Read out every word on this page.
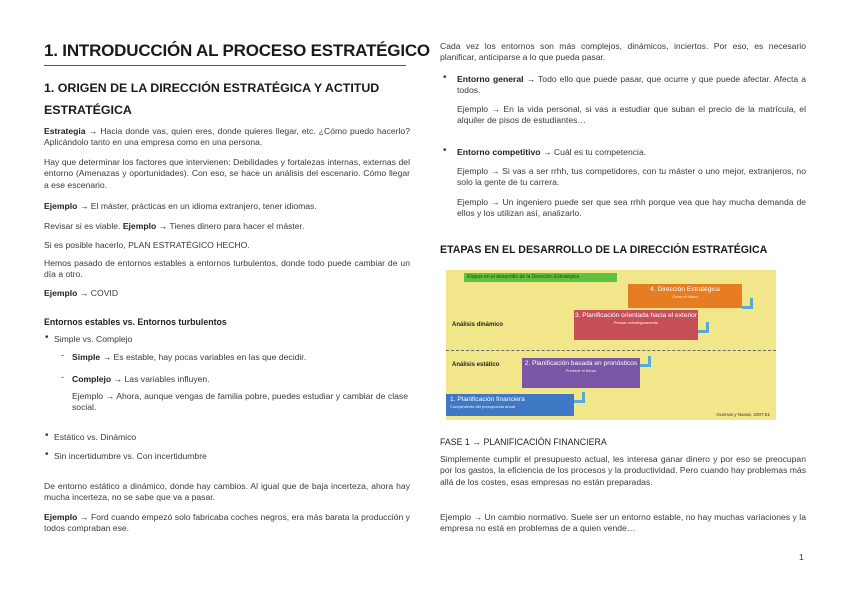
1. INTRODUCCIÓN AL PROCESO ESTRATÉGICO
1. ORIGEN DE LA DIRECCIÓN ESTRATÉGICA Y ACTITUD ESTRATÉGICA

Estrategia → Hacia donde vas, quien eres, donde quieres llegar, etc. ¿Cómo puedo hacerlo? Aplicándolo tanto en una empresa como en una persona.

Hay que determinar los factores que intervienen: Debilidades y fortalezas internas, externas del entorno (Amenazas y oportunidades). Con eso, se hace un análisis del escenario. Cómo llegar a ese escenario.

Ejemplo → El máster, prácticas en un idioma extranjero, tener idiomas.

Revisar si es viable. Ejemplo → Tienes dinero para hacer el máster.

Si es posible hacerlo, PLAN ESTRATÉGICO HECHO.

Hemos pasado de entornos estables a entornos turbulentos, donde todo puede cambiar de un día a otro.

Ejemplo → COVID

Entornos estables vs. Entornos turbulentos
• Simple vs. Complejo

- Simple → Es estable, hay pocas variables en las que decidir.

- Complejo → Las variables influyen.

Ejemplo → Ahora, aunque vengas de familia pobre, puedes estudiar y cambiar de clase social.

• Estático vs. Dinámico

• Sin incertidumbre vs. Con incertidumbre

De entorno estático a dinámico, donde hay cambios. Al igual que de baja incerteza, ahora hay mucha incerteza, no se sabe que va a pasar.

Ejemplo → Ford cuando empezó solo fabricaba coches negros, era más barata la producción y todos compraban ese.

Cada vez los entornos son más complejos, dinámicos, inciertos. Por eso, es necesario planificar, anticiparse a lo que pueda pasar.

• Entorno general → Todo ello que puede pasar, que ocurre y que puede afectar. Afecta a todos.

Ejemplo → En la vida personal, si vas a estudiar que suban el precio de la matrícula, el alquiler de pisos de estudiantes…

• Entorno competitivo → Cuál es tu competencia.

Ejemplo → Si vas a ser rrhh, tus competidores, con tu máster o uno mejor, extranjeros, no solo la gente de tu carrera.

Ejemplo → Un ingeniero puede ser que sea rrhh porque vea que hay mucha demanda de ellos y los utilizan así, analizarlo.

ETAPAS EN EL DESARROLLO DE LA DIRECCIÓN ESTRATÉGICA
Etapas en el desarrollo de la Dirección Estratégica
Análisis dinámico
Análisis estático
4. Dirección Estratégica
Crear el futuro
3. Planificación orientada hacia el exterior
Pensar estratégicamente
2. Planificación basada en pronósticos
Predecir el futuro
1. Planificación financiera
Cumplimiento del presupuesto anual
Guerras y Navas, 2007:51
FASE 1 → PLANIFICACIÓN FINANCIERA

Simplemente cumplir el presupuesto actual, les interesa ganar dinero y por eso se preocupan por los gastos, la eficiencia de los procesos y la productividad. Pero cuando hay problemas más allá de los costes, esas empresas no están preparadas.

Ejemplo → Un cambio normativo. Suele ser un entorno estable, no hay muchas variaciones y la empresa no está en problemas de a quien vende…

1
